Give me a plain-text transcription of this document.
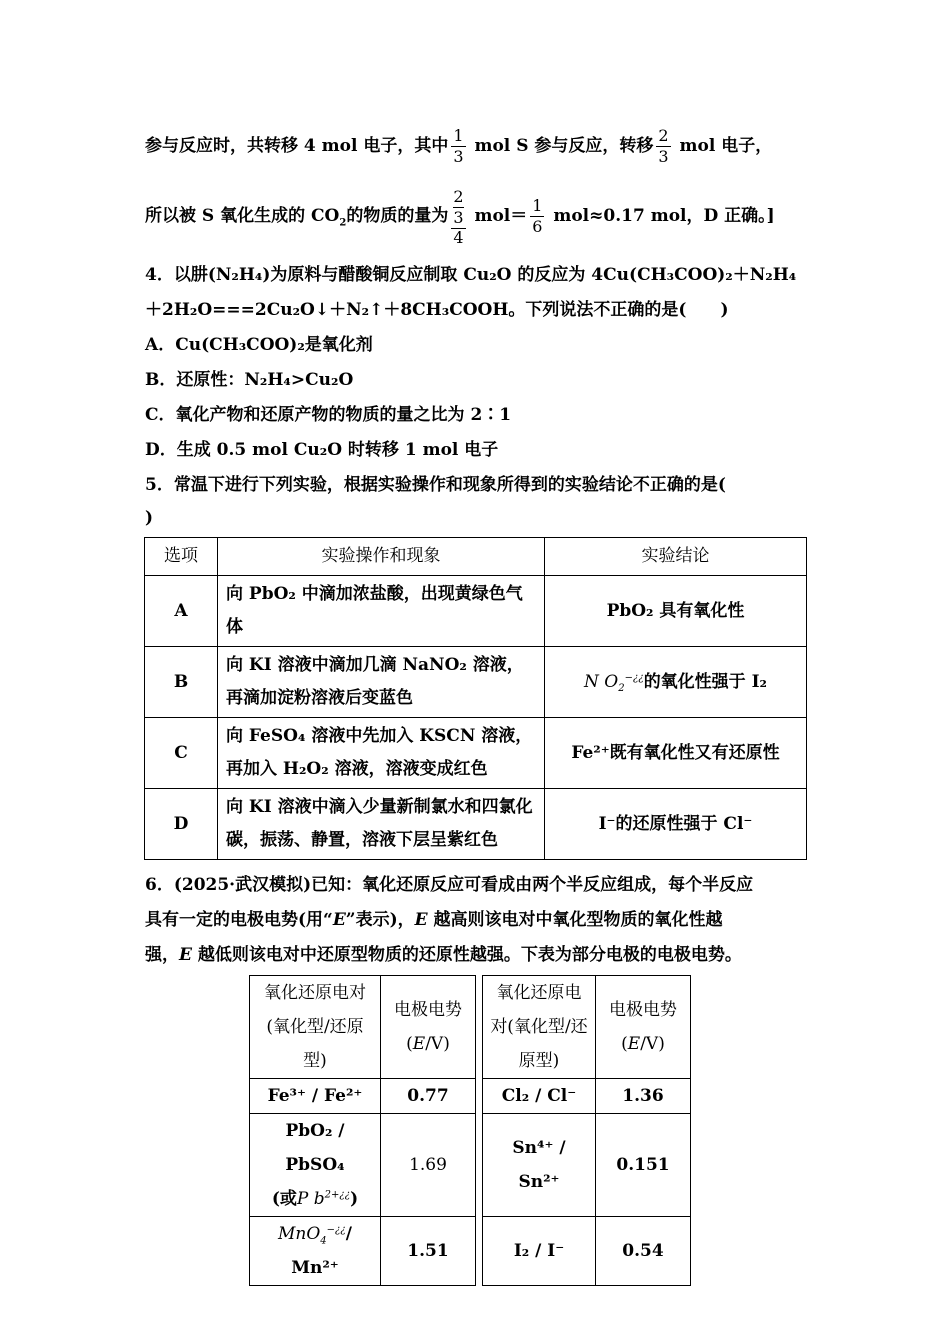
参与反应时，共转移 4 mol 电子，其中 $\frac{1}{3}$ mol S 参与反应，转移 $\frac{2}{3}$ mol 电子，
所以被 S 氧化生成的 $CO_2$的物质的量为 $\frac{\frac{2}{3}}{4} mol= \frac{1}{6} mol\approx 0.17$ mol，D 正确。]
4．以肼(N₂H₄)为原料与醋酸铜反应制取 Cu₂O 的反应为 4Cu(CH₃COO)₂＋N₂H₄
＋2H₂O===2Cu₂O↓＋N₂↑＋8CH₃COOH。下列说法不正确的是(　　)
A．Cu(CH₃COO)₂是氧化剂
B．还原性：N₂H₄>Cu₂O
C．氧化产物和还原产物的物质的量之比为 2∶1
D．生成 0.5 mol Cu₂O 时转移 1 mol 电子
5．常温下进行下列实验，根据实验操作和现象所得到的实验结论不正确的是(
)
选项	实验操作和现象	实验结论
A	向 PbO₂ 中滴加浓盐酸，出现黄绿色气体	PbO₂ 具有氧化性
B	向 KI 溶液中滴加几滴 NaNO₂ 溶液，再滴加淀粉溶液后变蓝色	N $O_2^{-¿¿}$的氧化性强于 I₂
C	向 FeSO₄ 溶液中先加入 KSCN 溶液，再加入 H₂O₂ 溶液，溶液变成红色	Fe²⁺既有氧化性又有还原性
D	向 KI 溶液中滴入少量新制氯水和四氯化碳，振荡、静置，溶液下层呈紫红色	I⁻的还原性强于 Cl⁻
6．(2025·武汉模拟)已知：氧化还原反应可看成由两个半反应组成，每个半反应
具有一定的电极电势(用“E”表示)，E 越高则该电对中氧化型物质的氧化性越
强，E 越低则该电对中还原型物质的还原性越强。下表为部分电极的电极电势。
氧化还原电对(氧化型/还原型)	电极电势(E/V)		氧化还原电对(氧化型/还原型)	电极电势(E/V)
Fe³⁺ / Fe²⁺	0.77		Cl₂ / Cl⁻	1.36

PbO₂ / PbSO₄
(或P $b^{2+¿¿}$)	1.69		Sn⁴⁺ / Sn²⁺	0.151
MnO$_4$−¿¿/ Mn²⁺	1.51		I₂ / I⁻	0.54
